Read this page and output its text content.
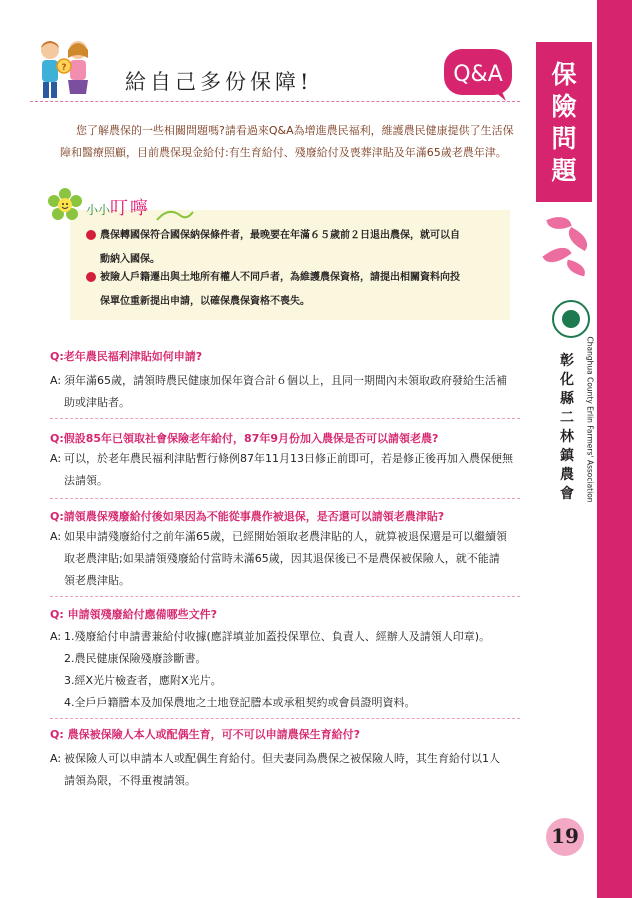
保
險
問
題
彰
化
縣
二
林
鎮
農
會 Changhua County Erlin Farmers' Association
?
給自己多份保障!	Q&A
您了解農保的一些相關問題嗎?請看過來Q&A為增進農民福利，維護農民健康提供了生活保
障和醫療照顧，目前農保現金給付:有生育給付、殘廢給付及喪葬津貼及年滿65歲老農年津。
小小叮嚀
農保轉國保符合國保納保條件者，最晚要在年滿６５歲前２日退出農保，就可以自
動納入國保。
被險人戶籍遷出與土地所有權人不同戶者，為維護農保資格，請提出相關資料向投
保單位重新提出申請，以確保農保資格不喪失。
Q:老年農民福利津貼如何申請?
A: 須年滿65歲，請領時農民健康加保年資合計６個以上，且同一期間內未領取政府發給生活補
助或津貼者。
Q:假設85年已領取社會保險老年給付，87年9月份加入農保是否可以請領老農?
A: 可以，於老年農民福利津貼暫行條例87年11月13日修正前即可，若是修正後再加入農保便無
法請領。
Q:請領農保殘廢給付後如果因為不能從事農作被退保，是否還可以請領老農津貼?
A: 如果申請殘廢給付之前年滿65歲，已經開始領取老農津貼的人，就算被退保還是可以繼續領
取老農津貼;如果請領殘廢給付當時未滿65歲，因其退保後已不是農保被保險人，就不能請
領老農津貼。
Q: 申請領殘廢給付應備哪些文件?
A: 1.殘廢給付申請書兼給付收據(應詳填並加蓋投保單位、負責人、經辦人及請領人印章)。
2.農民健康保險殘廢診斷書。
3.經X光片檢查者，應附X光片。
4.全戶戶籍謄本及加保農地之土地登記謄本或承租契約或會員證明資料。
Q: 農保被保險人本人或配偶生育，可不可以申請農保生育給付?
A: 被保險人可以申請本人或配偶生育給付。但夫妻同為農保之被保險人時，其生育給付以1人
請領為限，不得重複請領。
19
